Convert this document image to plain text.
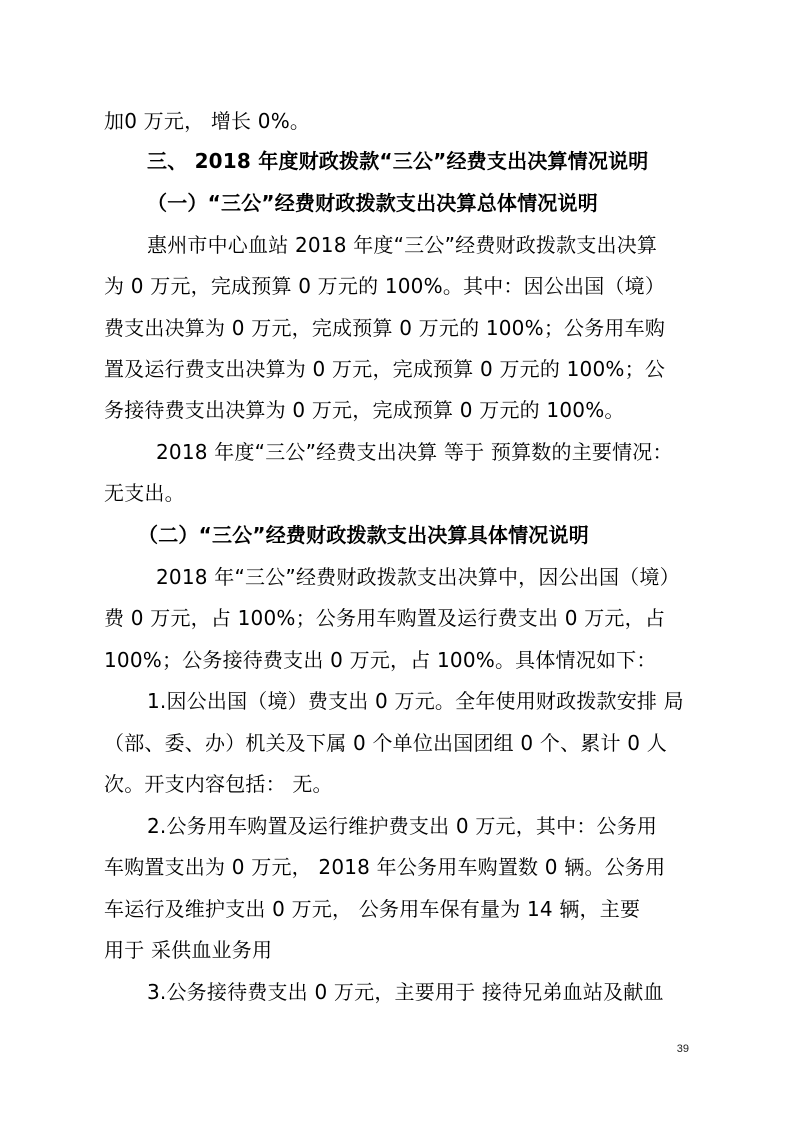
加0 万元， 增长 0%。
三、 2018 年度财政拨款“三公”经费支出决算情况说明
（一）“三公”经费财政拨款支出决算总体情况说明
惠州市中心血站 2018 年度“三公”经费财政拨款支出决算
为 0 万元，完成预算 0 万元的 100%。其中：因公出国（境）
费支出决算为 0 万元，完成预算 0 万元的 100%；公务用车购
置及运行费支出决算为 0 万元，完成预算 0 万元的 100%；公
务接待费支出决算为 0 万元，完成预算 0 万元的 100%。
2018 年度“三公”经费支出决算 等于 预算数的主要情况：
无支出。
（二）“三公”经费财政拨款支出决算具体情况说明
2018 年“三公”经费财政拨款支出决算中，因公出国（境）
费 0 万元，占 100%；公务用车购置及运行费支出 0 万元，占
100%；公务接待费支出 0 万元，占 100%。具体情况如下：
1.因公出国（境）费支出 0 万元。全年使用财政拨款安排 局
（部、委、办）机关及下属 0 个单位出国团组 0 个、累计 0 人
次。开支内容包括： 无。
2.公务用车购置及运行维护费支出 0 万元，其中：公务用
车购置支出为 0 万元， 2018 年公务用车购置数 0 辆。公务用
车运行及维护支出 0 万元， 公务用车保有量为 14 辆，主要
用于 采供血业务用
3.公务接待费支出 0 万元，主要用于 接待兄弟血站及献血
39
